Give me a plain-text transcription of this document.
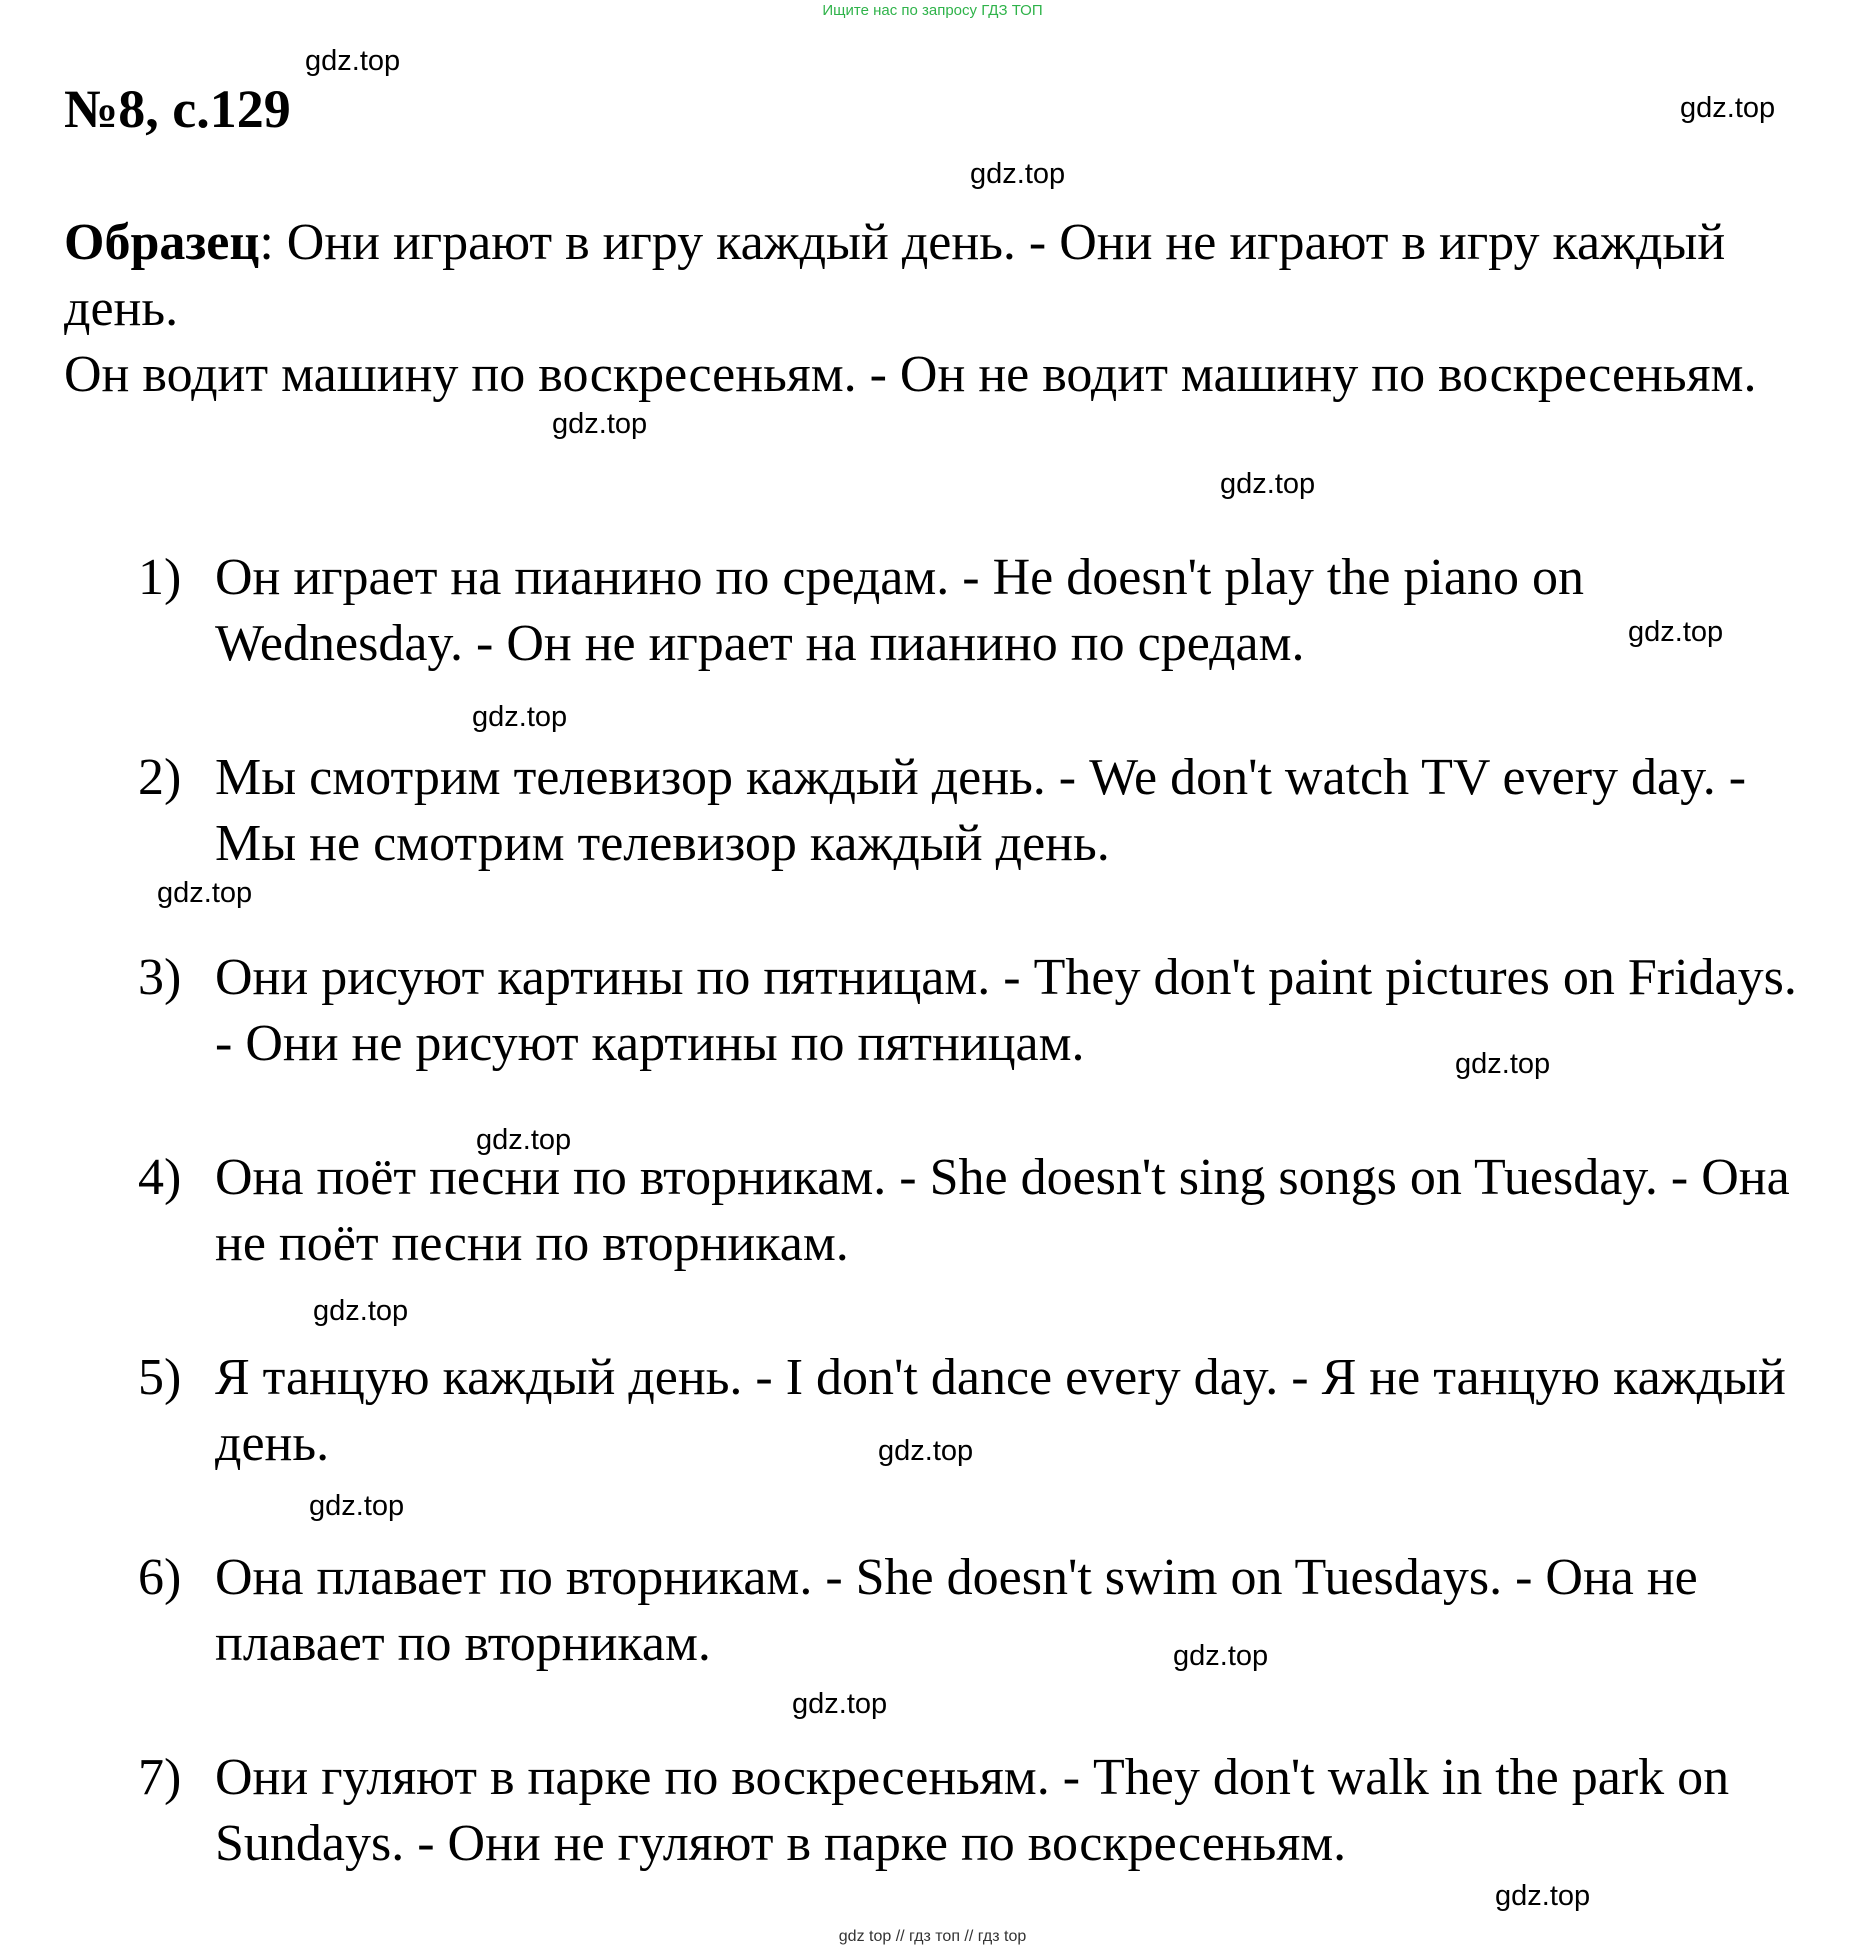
Ищите нас по запросу ГДЗ ТОП
№8, с.129

Образец: Они играют в игру каждый день. - Они не играют в игру каждый день.

Он водит машину по воскресеньям. - Он не водит машину по воскресеньям.

1) Он играет на пианино по средам. - He doesn't play the piano on Wednesday. - Он не играет на пианино по средам.
2) Мы смотрим телевизор каждый день. - We don't watch TV every day. - Мы не смотрим телевизор каждый день.
3) Они рисуют картины по пятницам. - They don't paint pictures on Fridays. - Они не рисуют картины по пятницам.
4) Она поёт песни по вторникам. - She doesn't sing songs on Tuesday. - Она не поёт песни по вторникам.
5) Я танцую каждый день. - I don't dance every day. - Я не танцую каждый день.
6) Она плавает по вторникам. - She doesn't swim on Tuesdays. - Она не плавает по вторникам.
7) Они гуляют в парке по воскресеньям. - They don't walk in the park on Sundays. - Они не гуляют в парке по воскресеньям.
gdz.top
gdz.top
gdz.top
gdz.top
gdz.top
gdz.top
gdz.top
gdz.top
gdz.top
gdz.top
gdz.top
gdz.top
gdz.top
gdz.top
gdz.top
gdz.top
gdz top // гдз топ // гдз top
